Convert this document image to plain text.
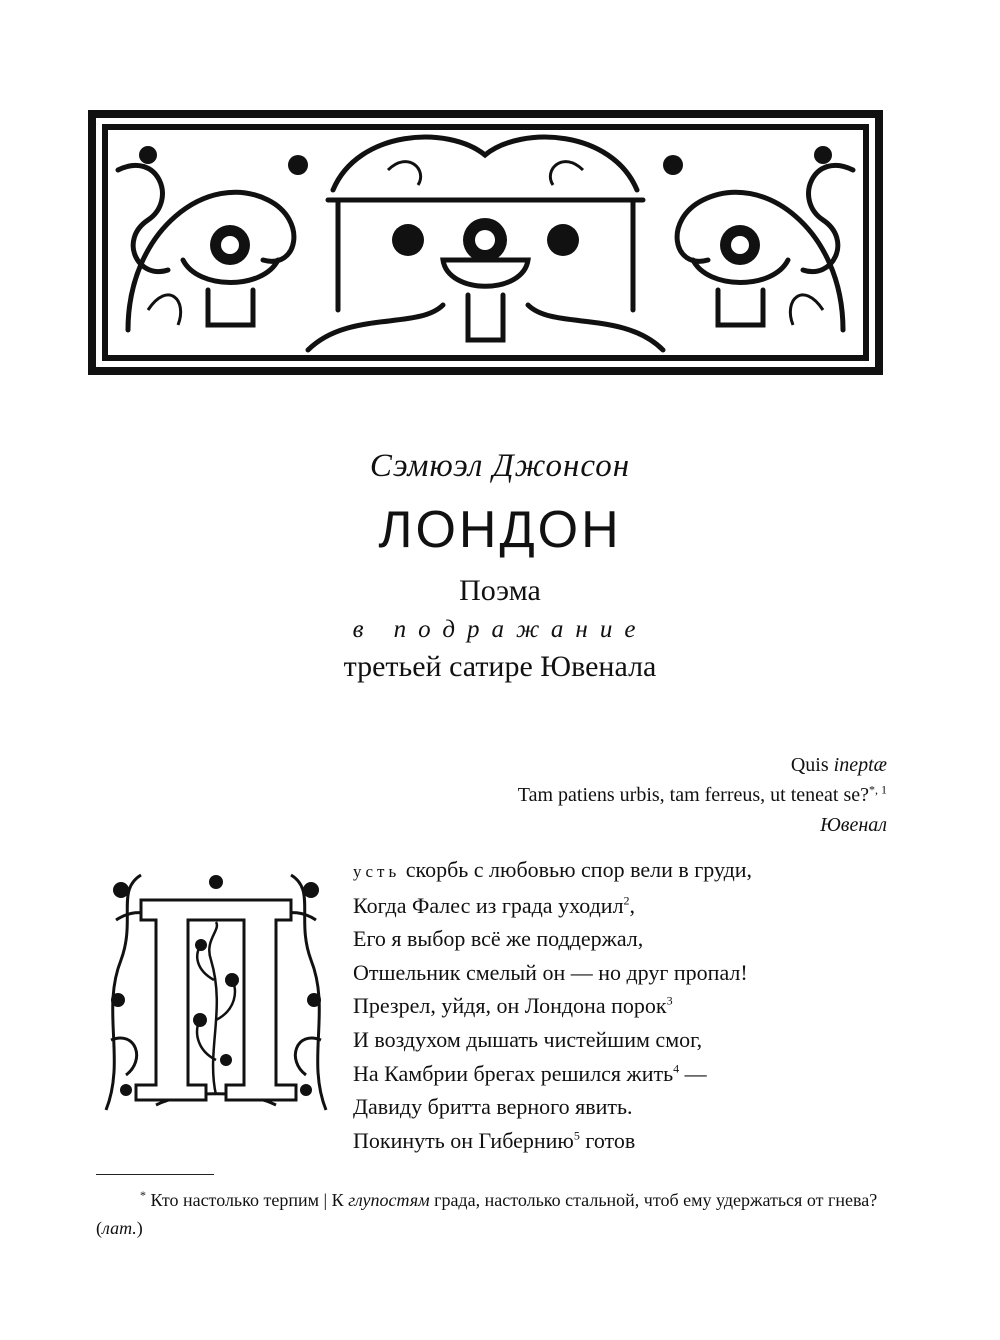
Сэмюэл Джонсон
ЛОНДОН
Поэма
в подражание
третьей сатире Ювенала
Quis ineptæ
Tam patiens urbis, tam ferreus, ut teneat se?$^{*, 1}$
Ювенал
усть скорбь с любовью спор вели в груди,
Когда Фалес из града уходил$^2$,
Его я выбор всё же поддержал,
Отшельник смелый он — но друг пропал!
Презрел, уйдя, он Лондона порок$^3$
И воздухом дышать чистейшим смог,
На Камбрии брегах решился жить$^4$ —
Давиду бритта верного явить.
Покинуть он Гибернию$^5$ готов
* Кто настолько терпим | К глупостям града, настолько стальной, чтоб ему удержаться от гнева? (лат.)
